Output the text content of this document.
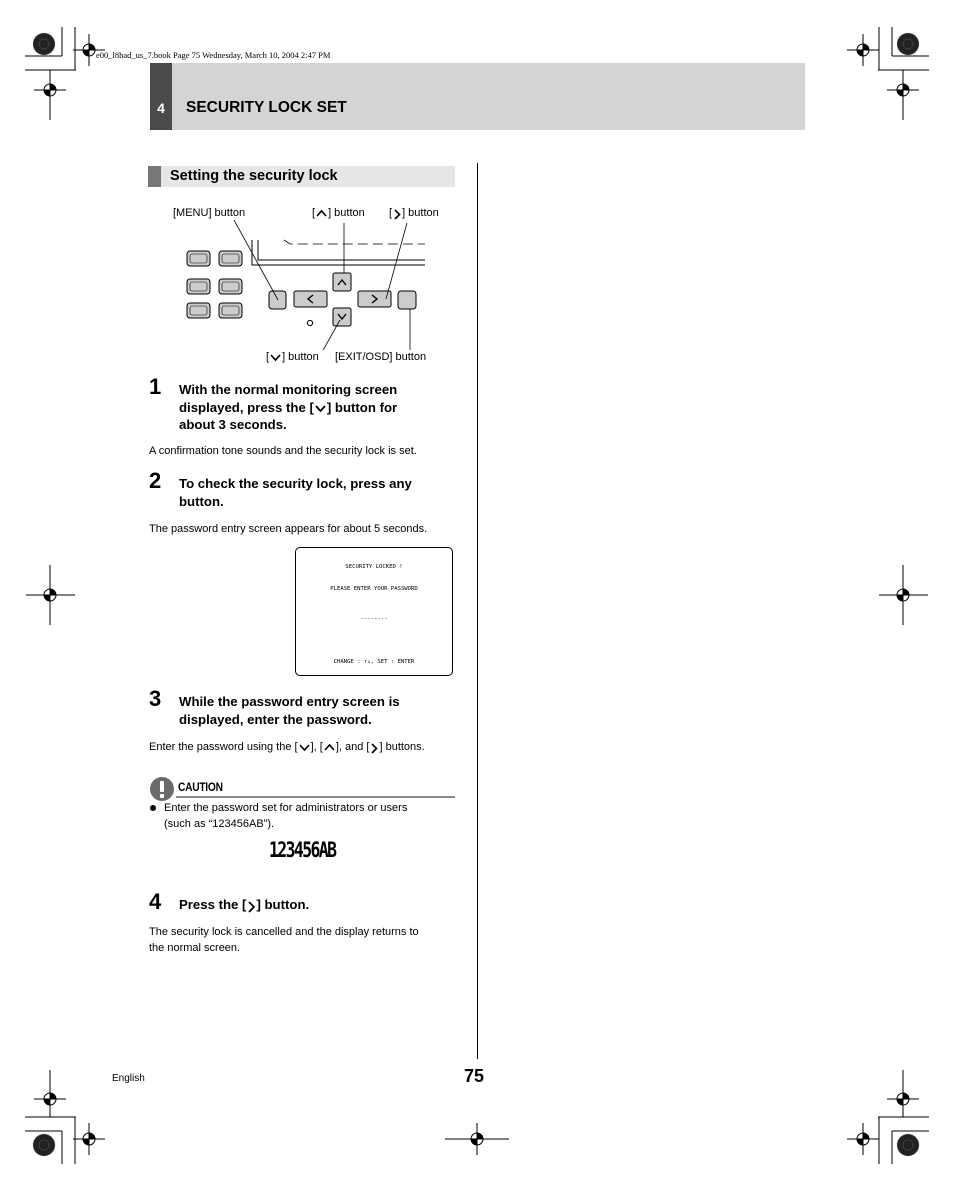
e00_l8had_us_7.book Page 75 Wednesday, March 10, 2004 2:47 PM
4	SECURITY LOCK SET
Setting the security lock
[MENU] button	[ ] button [ ] button
[ ] button [EXIT/OSD] button
1 With the normal monitoring screen
displayed, press the [ ] button for
about 3 seconds.
A confirmation tone sounds and the security lock is set.
2 To check the security lock, press any
button.
The password entry screen appears for about 5 seconds.
SECURITY LOCKED !
PLEASE ENTER YOUR PASSWORD
--------
CHANGE : ↑↓, SET : ENTER
3 While the password entry screen is
displayed, enter the password.
Enter the password using the [ ], [ ], and [ ] buttons.
CAUTION
Enter the password set for administrators or users
(such as “123456AB”).
123456AB
4 Press the [ ] button.
The security lock is cancelled and the display returns to
the normal screen.
English	75
